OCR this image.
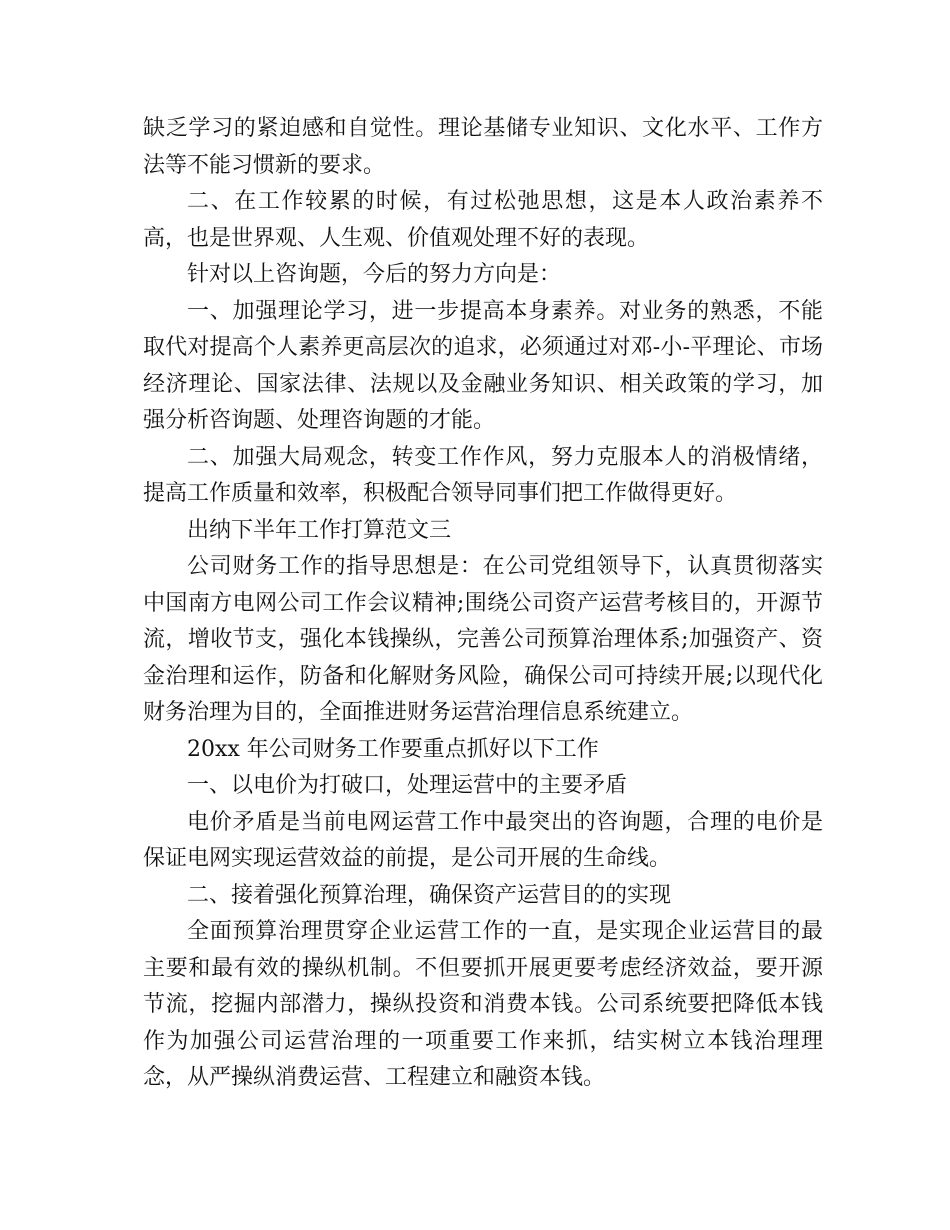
缺乏学习的紧迫感和自觉性。理论基储专业知识、文化水平、工作方法等不能习惯新的要求。

二、在工作较累的时候，有过松弛思想，这是本人政治素养不高，也是世界观、人生观、价值观处理不好的表现。

针对以上咨询题，今后的努力方向是：

一、加强理论学习，进一步提高本身素养。对业务的熟悉，不能取代对提高个人素养更高层次的追求，必须通过对邓-小-平理论、市场经济理论、国家法律、法规以及金融业务知识、相关政策的学习，加强分析咨询题、处理咨询题的才能。

二、加强大局观念，转变工作作风，努力克服本人的消极情绪，提高工作质量和效率，积极配合领导同事们把工作做得更好。

出纳下半年工作打算范文三

公司财务工作的指导思想是：在公司党组领导下，认真贯彻落实中国南方电网公司工作会议精神;围绕公司资产运营考核目的，开源节流，增收节支，强化本钱操纵，完善公司预算治理体系;加强资产、资金治理和运作，防备和化解财务风险，确保公司可持续开展;以现代化财务治理为目的，全面推进财务运营治理信息系统建立。

20xx 年公司财务工作要重点抓好以下工作

一、以电价为打破口，处理运营中的主要矛盾

电价矛盾是当前电网运营工作中最突出的咨询题，合理的电价是保证电网实现运营效益的前提，是公司开展的生命线。

二、接着强化预算治理，确保资产运营目的的实现

全面预算治理贯穿企业运营工作的一直，是实现企业运营目的最主要和最有效的操纵机制。不但要抓开展更要考虑经济效益，要开源节流，挖掘内部潜力，操纵投资和消费本钱。公司系统要把降低本钱作为加强公司运营治理的一项重要工作来抓，结实树立本钱治理理念，从严操纵消费运营、工程建立和融资本钱。
